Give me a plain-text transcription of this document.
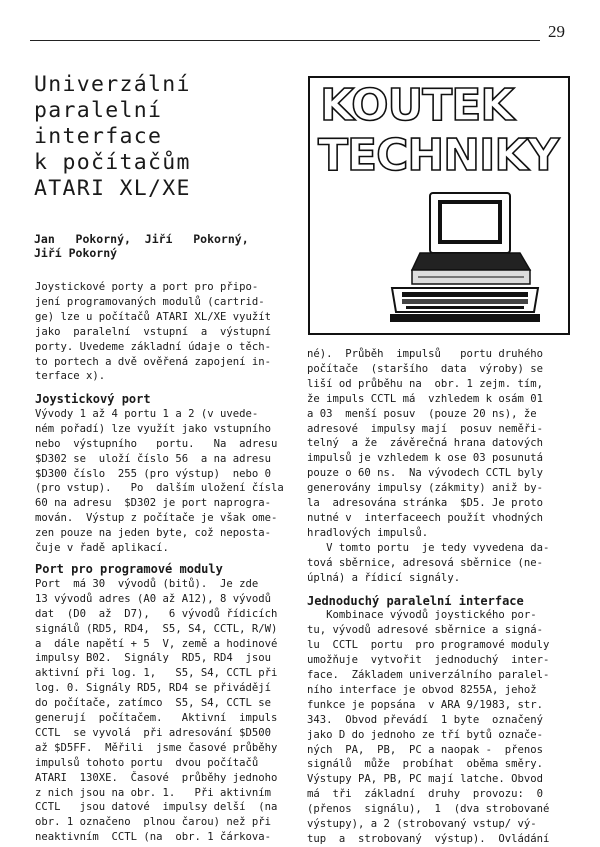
29
Univerzální
paralelní
interface
k počítačům
ATARI XL/XE
Jan   Pokorný,  Jiří   Pokorný,
Jiří Pokorný
KOUTEK
TECHNIKY

Joystickové porty a port pro připo-

jení programovaných modulů (cartrid-

ge) lze u počítačů ATARI XL/XE využít

jako  paralelní  vstupní  a  výstupní

porty. Uvedeme základní údaje o těch-

to portech a dvě ověřená zapojení in-

terface x).

Joystickový port

Vývody 1 až 4 portu 1 a 2 (v uvede-

ném pořadí) lze využít jako vstupního

nebo  výstupního   portu.   Na  adresu

$D302 se  uloží číslo 56  a na adresu

$D300 číslo  255 (pro výstup)  nebo 0

(pro vstup).   Po  dalším uložení čísla

60 na adresu  $D302 je port naprogra-

mován.  Výstup z počítače je však ome-

zen pouze na jeden byte, což neposta-

čuje v řadě aplikací.

Port pro programové moduly

Port  má 30  vývodů (bitů).  Je zde

13 vývodů adres (A0 až A12), 8 vývodů

dat  (D0  až  D7),   6 vývodů řídicích

signálů (RD5, RD4,  S5, S4, CCTL, R/W)

a  dále napětí + 5  V, země a hodinové

impulsy B02.  Signály  RD5, RD4  jsou

aktivní při log. 1,   S5, S4, CCTL při

log. 0. Signály RD5, RD4 se přivádějí

do počítače, zatímco  S5, S4, CCTL se

generují  počítačem.   Aktivní  impuls

CCTL  se vyvolá  při adresování $D500

až $D5FF.  Měřili  jsme časové průběhy

impulsů tohoto portu  dvou počítačů

ATARI  130XE.  Časové  průběhy jednoho

z nich jsou na obr. 1.   Při aktivním

CCTL   jsou datové  impulsy delší  (na

obr. 1 označeno  plnou čarou) než při

neaktivním  CCTL (na  obr. 1 čárkova-

né).  Průběh  impulsů   portu druhého

počítače  (staršího  data  výroby) se

liší od průběhu na  obr. 1 zejm. tím,

že impuls CCTL má  vzhledem k osám 01

a 03  menší posuv  (pouze 20 ns), že

adresové  impulsy mají  posuv neměři-

telný  a že  závěrečná hrana datových

impulsů je vzhledem k ose 03 posunutá

pouze o 60 ns.  Na vývodech CCTL byly

generovány impulsy (zákmity) aniž by-

la  adresována stránka  $D5. Je proto

nutné v  interfaceech použít vhodných

hradlových impulsů.

V tomto portu  je tedy vyvedena da-

tová sběrnice, adresová sběrnice (ne-

úplná) a řídicí signály.

Jednoduchý paralelní interface

Kombinace vývodů joystického por-

tu, vývodů adresové sběrnice a signá-

lu  CCTL  portu  pro programové moduly

umožňuje  vytvořit  jednoduchý  inter-

face.  Základem univerzálního paralel-

ního interface je obvod 8255A, jehož

funkce je popsána  v ARA 9/1983, str.

343.  Obvod převádí  1 byte  označený

jako D do jednoho ze tří bytů označe-

ných  PA,  PB,  PC a naopak -  přenos

signálů  může  probíhat  oběma směry.

Výstupy PA, PB, PC mají latche. Obvod

má  tři  základní  druhy  provozu:  0

(přenos  signálu),  1  (dva strobované

výstupy), a 2 (strobovaný vstup/ vý-

tup  a  strobovaný  výstup).  Ovládání
